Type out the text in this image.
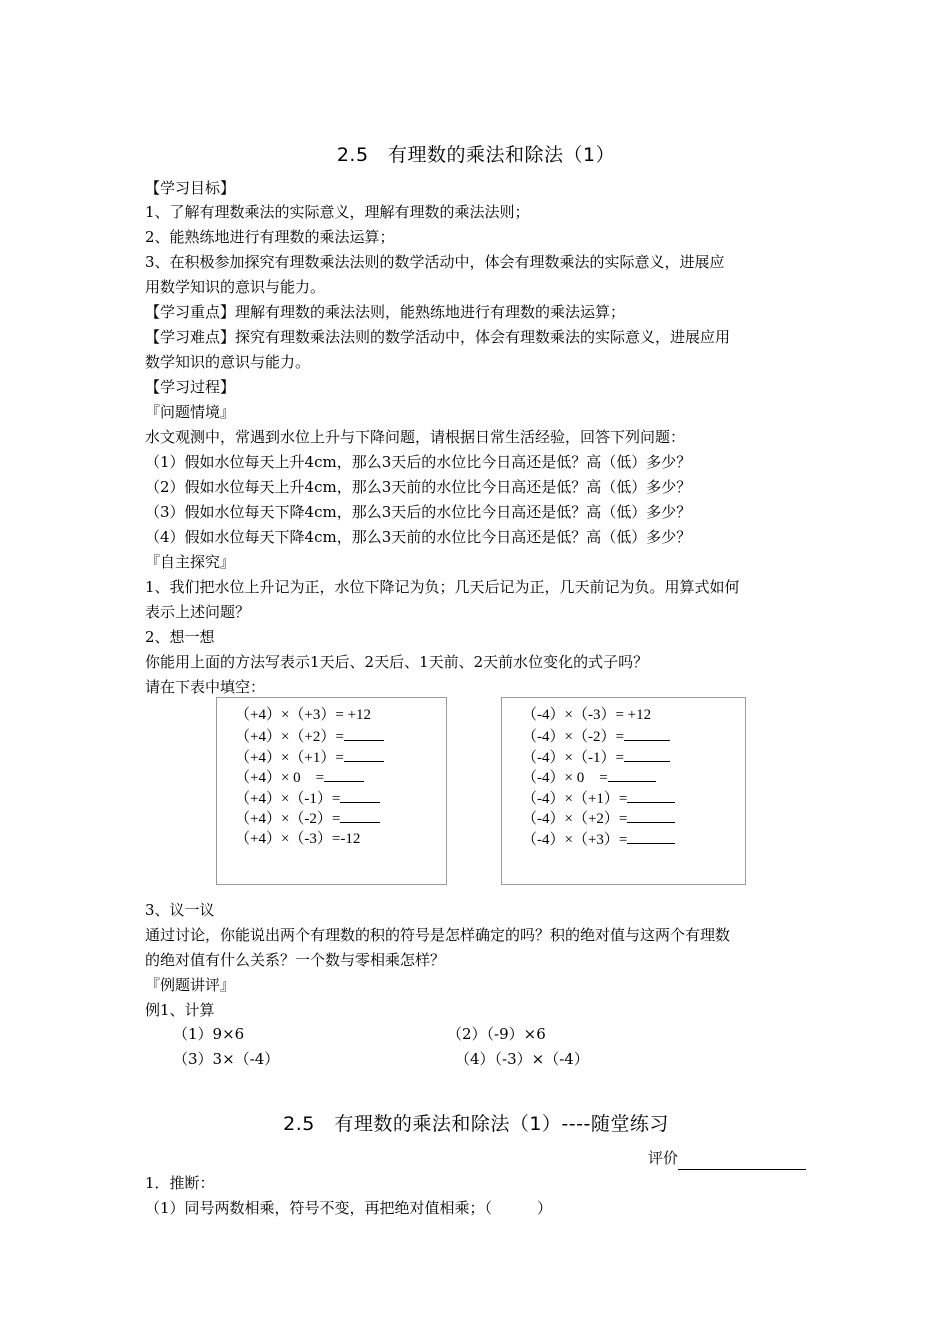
2.5　有理数的乘法和除法（1）
【学习目标】
1、了解有理数乘法的实际意义，理解有理数的乘法法则；
2、能熟练地进行有理数的乘法运算；
3、在积极参加探究有理数乘法法则的数学活动中，体会有理数乘法的实际意义，进展应
用数学知识的意识与能力。
【学习重点】理解有理数的乘法法则，能熟练地进行有理数的乘法运算；
【学习难点】探究有理数乘法法则的数学活动中，体会有理数乘法的实际意义，进展应用
数学知识的意识与能力。
【学习过程】
『问题情境』
水文观测中，常遇到水位上升与下降问题，请根据日常生活经验，回答下列问题：
（1）假如水位每天上升4cm，那么3天后的水位比今日高还是低？高（低）多少？
（2）假如水位每天上升4cm，那么3天前的水位比今日高还是低？高（低）多少？
（3）假如水位每天下降4cm，那么3天后的水位比今日高还是低？高（低）多少？
（4）假如水位每天下降4cm，那么3天前的水位比今日高还是低？高（低）多少？
『自主探究』
1、我们把水位上升记为正，水位下降记为负；几天后记为正，几天前记为负。用算式如何
表示上述问题？
2、想一想
你能用上面的方法写表示1天后、2天后、1天前、2天前水位变化的式子吗？
请在下表中填空：
（+4）×（+3）= +12
（+4）×（+2）=
（+4）×（+1）=
（+4）× 0　=
（+4）×（-1）=
（+4）×（-2）=
（+4）×（-3）=-12
（-4）×（-3）= +12
（-4）×（-2）=
（-4）×（-1）=
（-4）× 0　=
（-4）×（+1）=
（-4）×（+2）=
（-4）×（+3）=
3、议一议
通过讨论，你能说出两个有理数的积的符号是怎样确定的吗？积的绝对值与这两个有理数
的绝对值有什么关系？一个数与零相乘怎样？
『例题讲评』
例1、计算
（1）9×6	（2）（-9）×6
（3）3×（-4）	（4）（-3）×（-4）
2.5　有理数的乘法和除法（1）----随堂练习
评价
1．推断：
（1）同号两数相乘，符号不变，再把绝对值相乘；（　　　）
